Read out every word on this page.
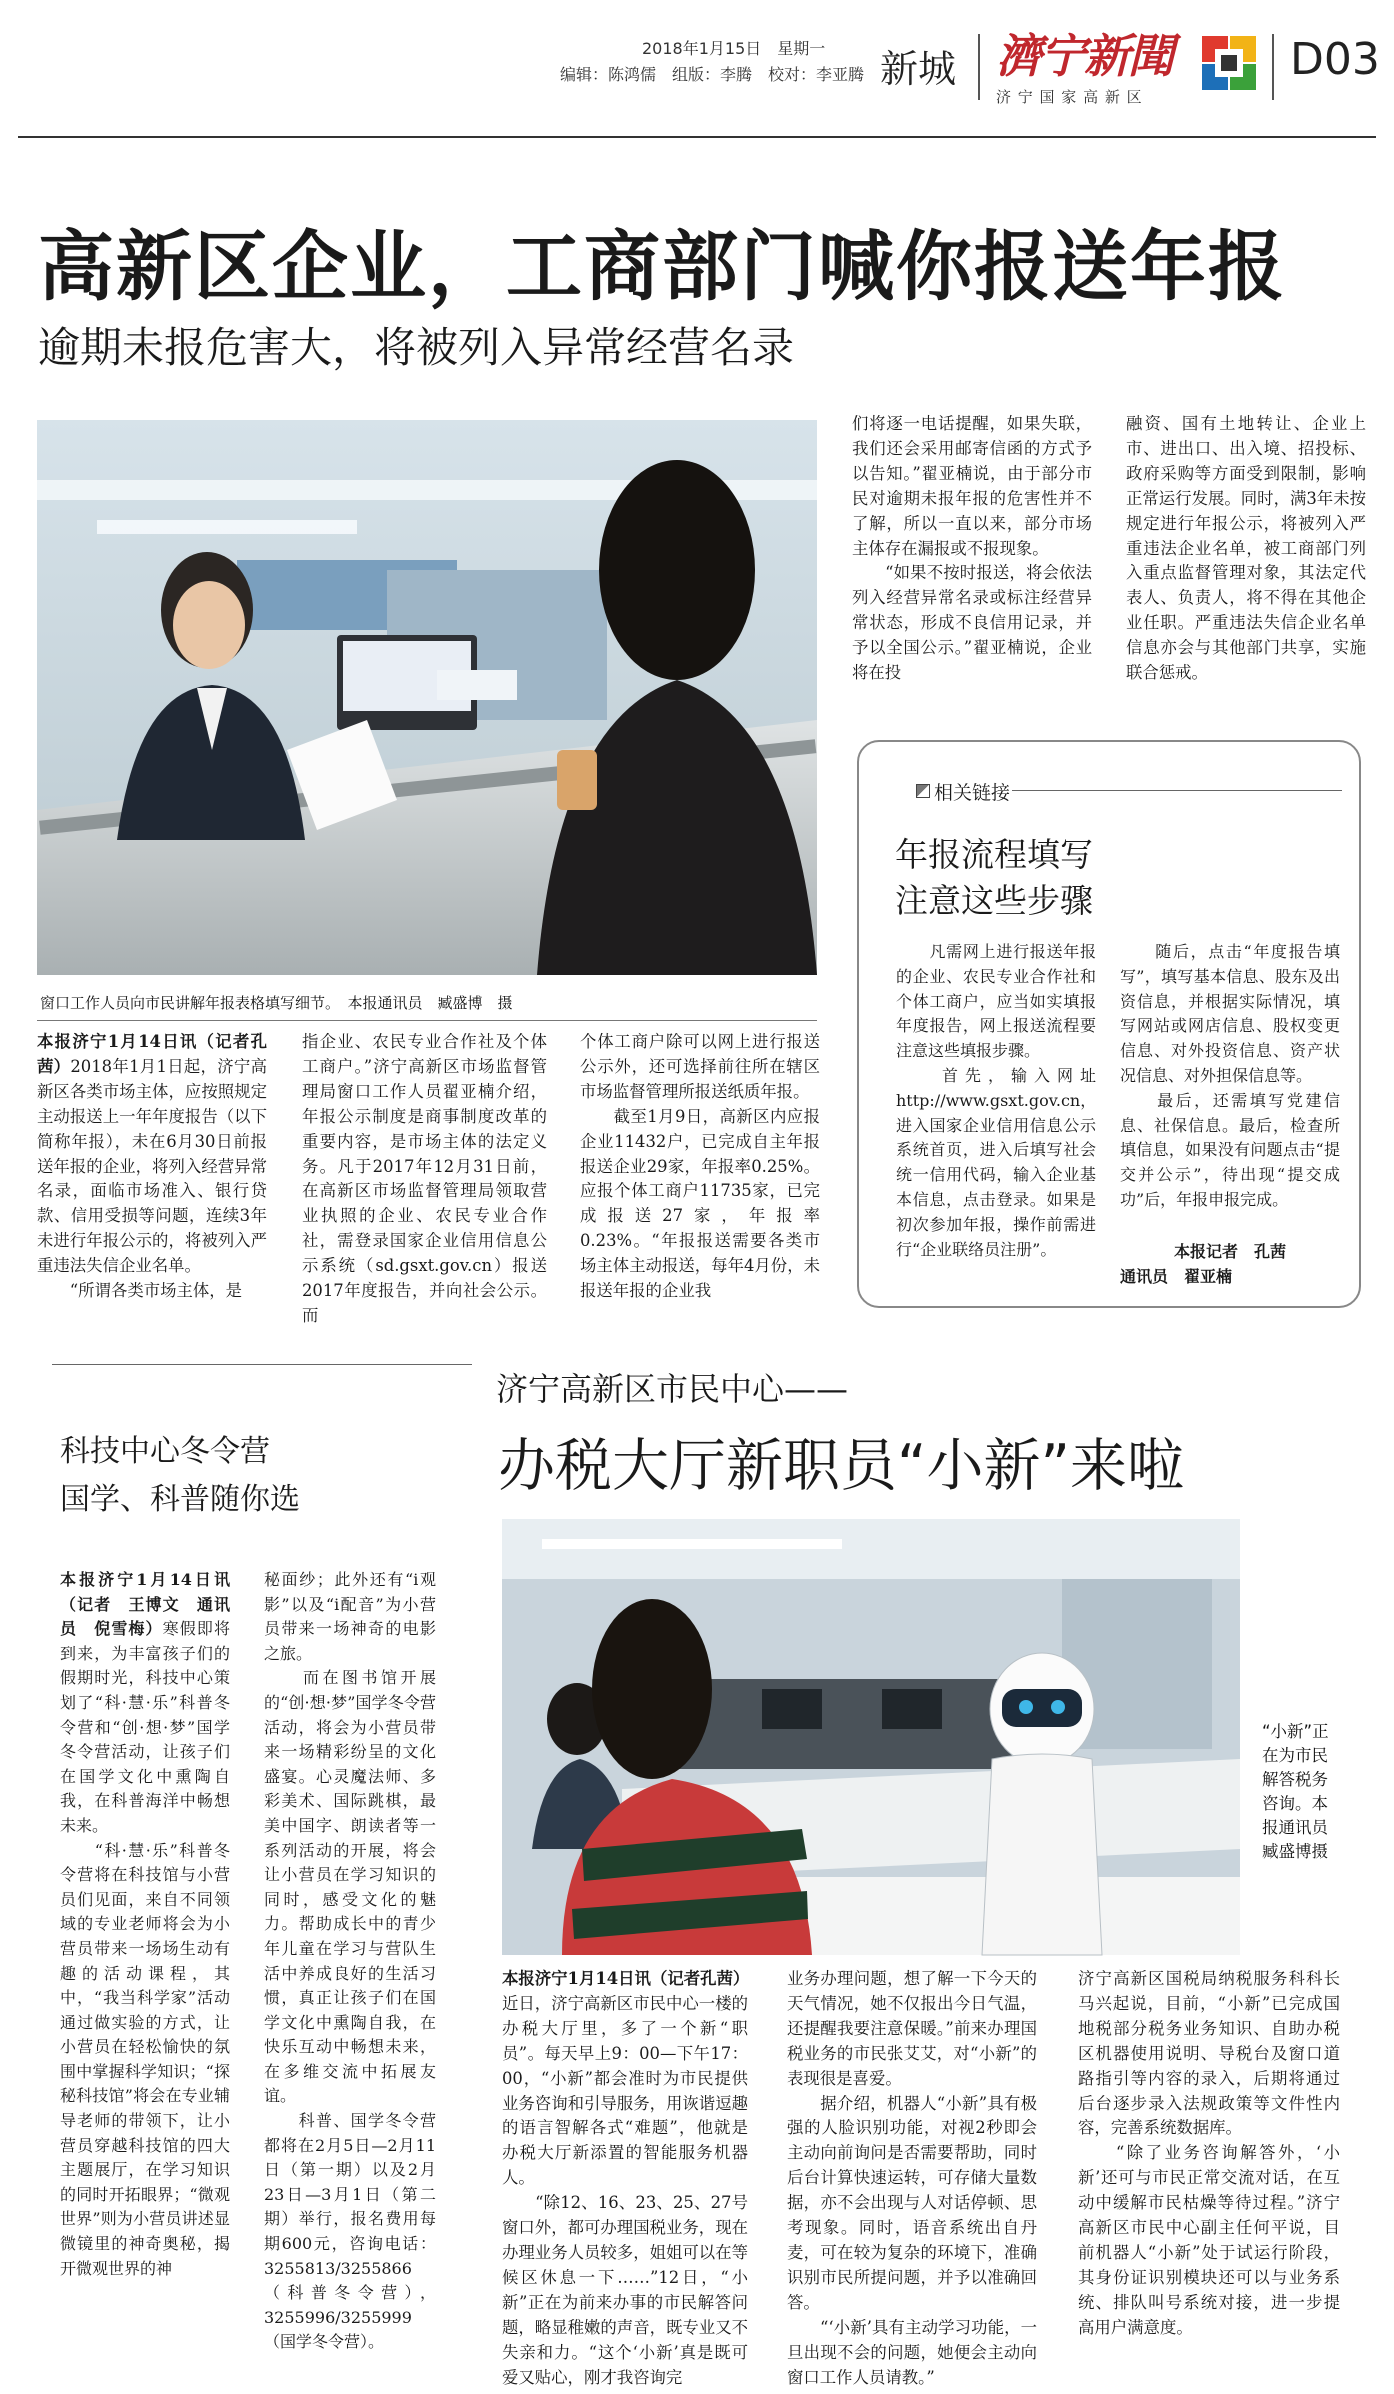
2018年1月15日　星期一
编辑：陈鸿儒　组版：李腾　校对：李亚腾 新城 濟宁新聞
济 宁 国 家 高 新 区
D03
高新区企业，工商部门喊你报送年报
逾期未报危害大，将被列入异常经营名录
窗口工作人员向市民讲解年报表格填写细节。　本报通讯员　臧盛博　摄
本报济宁1月14日讯（记者孔茜）2018年1月1日起，济宁高新区各类市场主体，应按照规定主动报送上一年年度报告（以下简称年报），未在6月30日前报送年报的企业，将列入经营异常名录，面临市场准入、银行贷款、信用受损等问题，连续3年未进行年报公示的，将被列入严重违法失信企业名单。
　　“所谓各类市场主体，是
指企业、农民专业合作社及个体工商户。”济宁高新区市场监督管理局窗口工作人员翟亚楠介绍，年报公示制度是商事制度改革的重要内容，是市场主体的法定义务。凡于2017年12月31日前，在高新区市场监督管理局领取营业执照的企业、农民专业合作社，需登录国家企业信用信息公示系统（sd.gsxt.gov.cn）报送2017年度报告，并向社会公示。而
个体工商户除可以网上进行报送公示外，还可选择前往所在辖区市场监督管理所报送纸质年报。
　　截至1月9日，高新区内应报企业11432户，已完成自主年报报送企业29家，年报率0.25%。应报个体工商户11735家，已完成报送27家，年报率0.23%。“年报报送需要各类市场主体主动报送，每年4月份，未报送年报的企业我
们将逐一电话提醒，如果失联，我们还会采用邮寄信函的方式予以告知。”翟亚楠说，由于部分市民对逾期未报年报的危害性并不了解，所以一直以来，部分市场主体存在漏报或不报现象。
　　“如果不按时报送，将会依法列入经营异常名录或标注经营异常状态，形成不良信用记录，并予以全国公示。”翟亚楠说，企业将在投
融资、国有土地转让、企业上市、进出口、出入境、招投标、政府采购等方面受到限制，影响正常运行发展。同时，满3年未按规定进行年报公示，将被列入严重违法企业名单，被工商部门列入重点监督管理对象，其法定代表人、负责人，将不得在其他企业任职。严重违法失信企业名单信息亦会与其他部门共享，实施联合惩戒。
相关链接
年报流程填写
注意这些步骤
　　凡需网上进行报送年报的企业、农民专业合作社和个体工商户，应当如实填报年度报告，网上报送流程要注意这些填报步骤。
　　首先，输入网址http://www.gsxt.gov.cn，进入国家企业信用信息公示系统首页，进入后填写社会统一信用代码，输入企业基本信息，点击登录。如果是初次参加年报，操作前需进行“企业联络员注册”。
　　随后，点击“年度报告填写”，填写基本信息、股东及出资信息，并根据实际情况，填写网站或网店信息、股权变更信息、对外投资信息、资产状况信息、对外担保信息等。
　　最后，还需填写党建信息、社保信息。最后，检查所填信息，如果没有问题点击“提交并公示”，待出现“提交成功”后，年报申报完成。
本报记者　孔茜
通讯员　翟亚楠
科技中心冬令营
国学、科普随你选
本报济宁1月14日讯（记者　王博文　通讯员　倪雪梅）寒假即将到来，为丰富孩子们的假期时光，科技中心策划了“科·慧·乐”科普冬令营和“创·想·梦”国学冬令营活动，让孩子们在国学文化中熏陶自我，在科普海洋中畅想未来。
　　“科·慧·乐”科普冬令营将在科技馆与小营员们见面，来自不同领域的专业老师将会为小营员带来一场场生动有趣的活动课程，其中，“我当科学家”活动通过做实验的方式，让小营员在轻松愉快的氛围中掌握科学知识；“探秘科技馆”将会在专业辅导老师的带领下，让小营员穿越科技馆的四大主题展厅，在学习知识的同时开拓眼界；“微观世界”则为小营员讲述显微镜里的神奇奥秘，揭开微观世界的神
秘面纱；此外还有“i观影”以及“i配音”为小营员带来一场神奇的电影之旅。
　　而在图书馆开展的“创·想·梦”国学冬令营活动，将会为小营员带来一场精彩纷呈的文化盛宴。心灵魔法师、多彩美术、国际跳棋，最美中国字、朗读者等一系列活动的开展，将会让小营员在学习知识的同时，感受文化的魅力。帮助成长中的青少年儿童在学习与营队生活中养成良好的生活习惯，真正让孩子们在国学文化中熏陶自我，在快乐互动中畅想未来，在多维交流中拓展友谊。
　　科普、国学冬令营都将在2月5日—2月11日（第一期）以及2月23日—3月1日（第二期）举行，报名费用每期600元，咨询电话：3255813/3255866（科普冬令营），3255996/3255999（国学冬令营）。
济宁高新区市民中心——
办税大厅新职员“小新”来啦
“小新”正在为市民解答税务咨询。本报通讯员臧盛博摄
本报济宁1月14日讯（记者孔茜）近日，济宁高新区市民中心一楼的办税大厅里，多了一个新“职员”。每天早上9：00—下午17：00，“小新”都会准时为市民提供业务咨询和引导服务，用诙谐逗趣的语言智解各式“难题”，他就是办税大厅新添置的智能服务机器人。
　　“除12、16、23、25、27号窗口外，都可办理国税业务，现在办理业务人员较多，姐姐可以在等候区休息一下……”12日，“小新”正在为前来办事的市民解答问题，略显稚嫩的声音，既专业又不失亲和力。“这个‘小新’真是既可爱又贴心，刚才我咨询完
业务办理问题，想了解一下今天的天气情况，她不仅报出今日气温，还提醒我要注意保暖。”前来办理国税业务的市民张艾艾，对“小新”的表现很是喜爱。
　　据介绍，机器人“小新”具有极强的人脸识别功能，对视2秒即会主动向前询问是否需要帮助，同时后台计算快速运转，可存储大量数据，亦不会出现与人对话停顿、思考现象。同时，语音系统出自丹麦，可在较为复杂的环境下，准确识别市民所提问题，并予以准确回答。
　　“‘小新’具有主动学习功能，一旦出现不会的问题，她便会主动向窗口工作人员请教。”
济宁高新区国税局纳税服务科科长马兴起说，目前，“小新”已完成国地税部分税务业务知识、自助办税区机器使用说明、导税台及窗口道路指引等内容的录入，后期将通过后台逐步录入法规政策等文件性内容，完善系统数据库。
　　“除了业务咨询解答外，‘小新’还可与市民正常交流对话，在互动中缓解市民枯燥等待过程。”济宁高新区市民中心副主任何平说，目前机器人“小新”处于试运行阶段，其身份证识别模块还可以与业务系统、排队叫号系统对接，进一步提高用户满意度。
